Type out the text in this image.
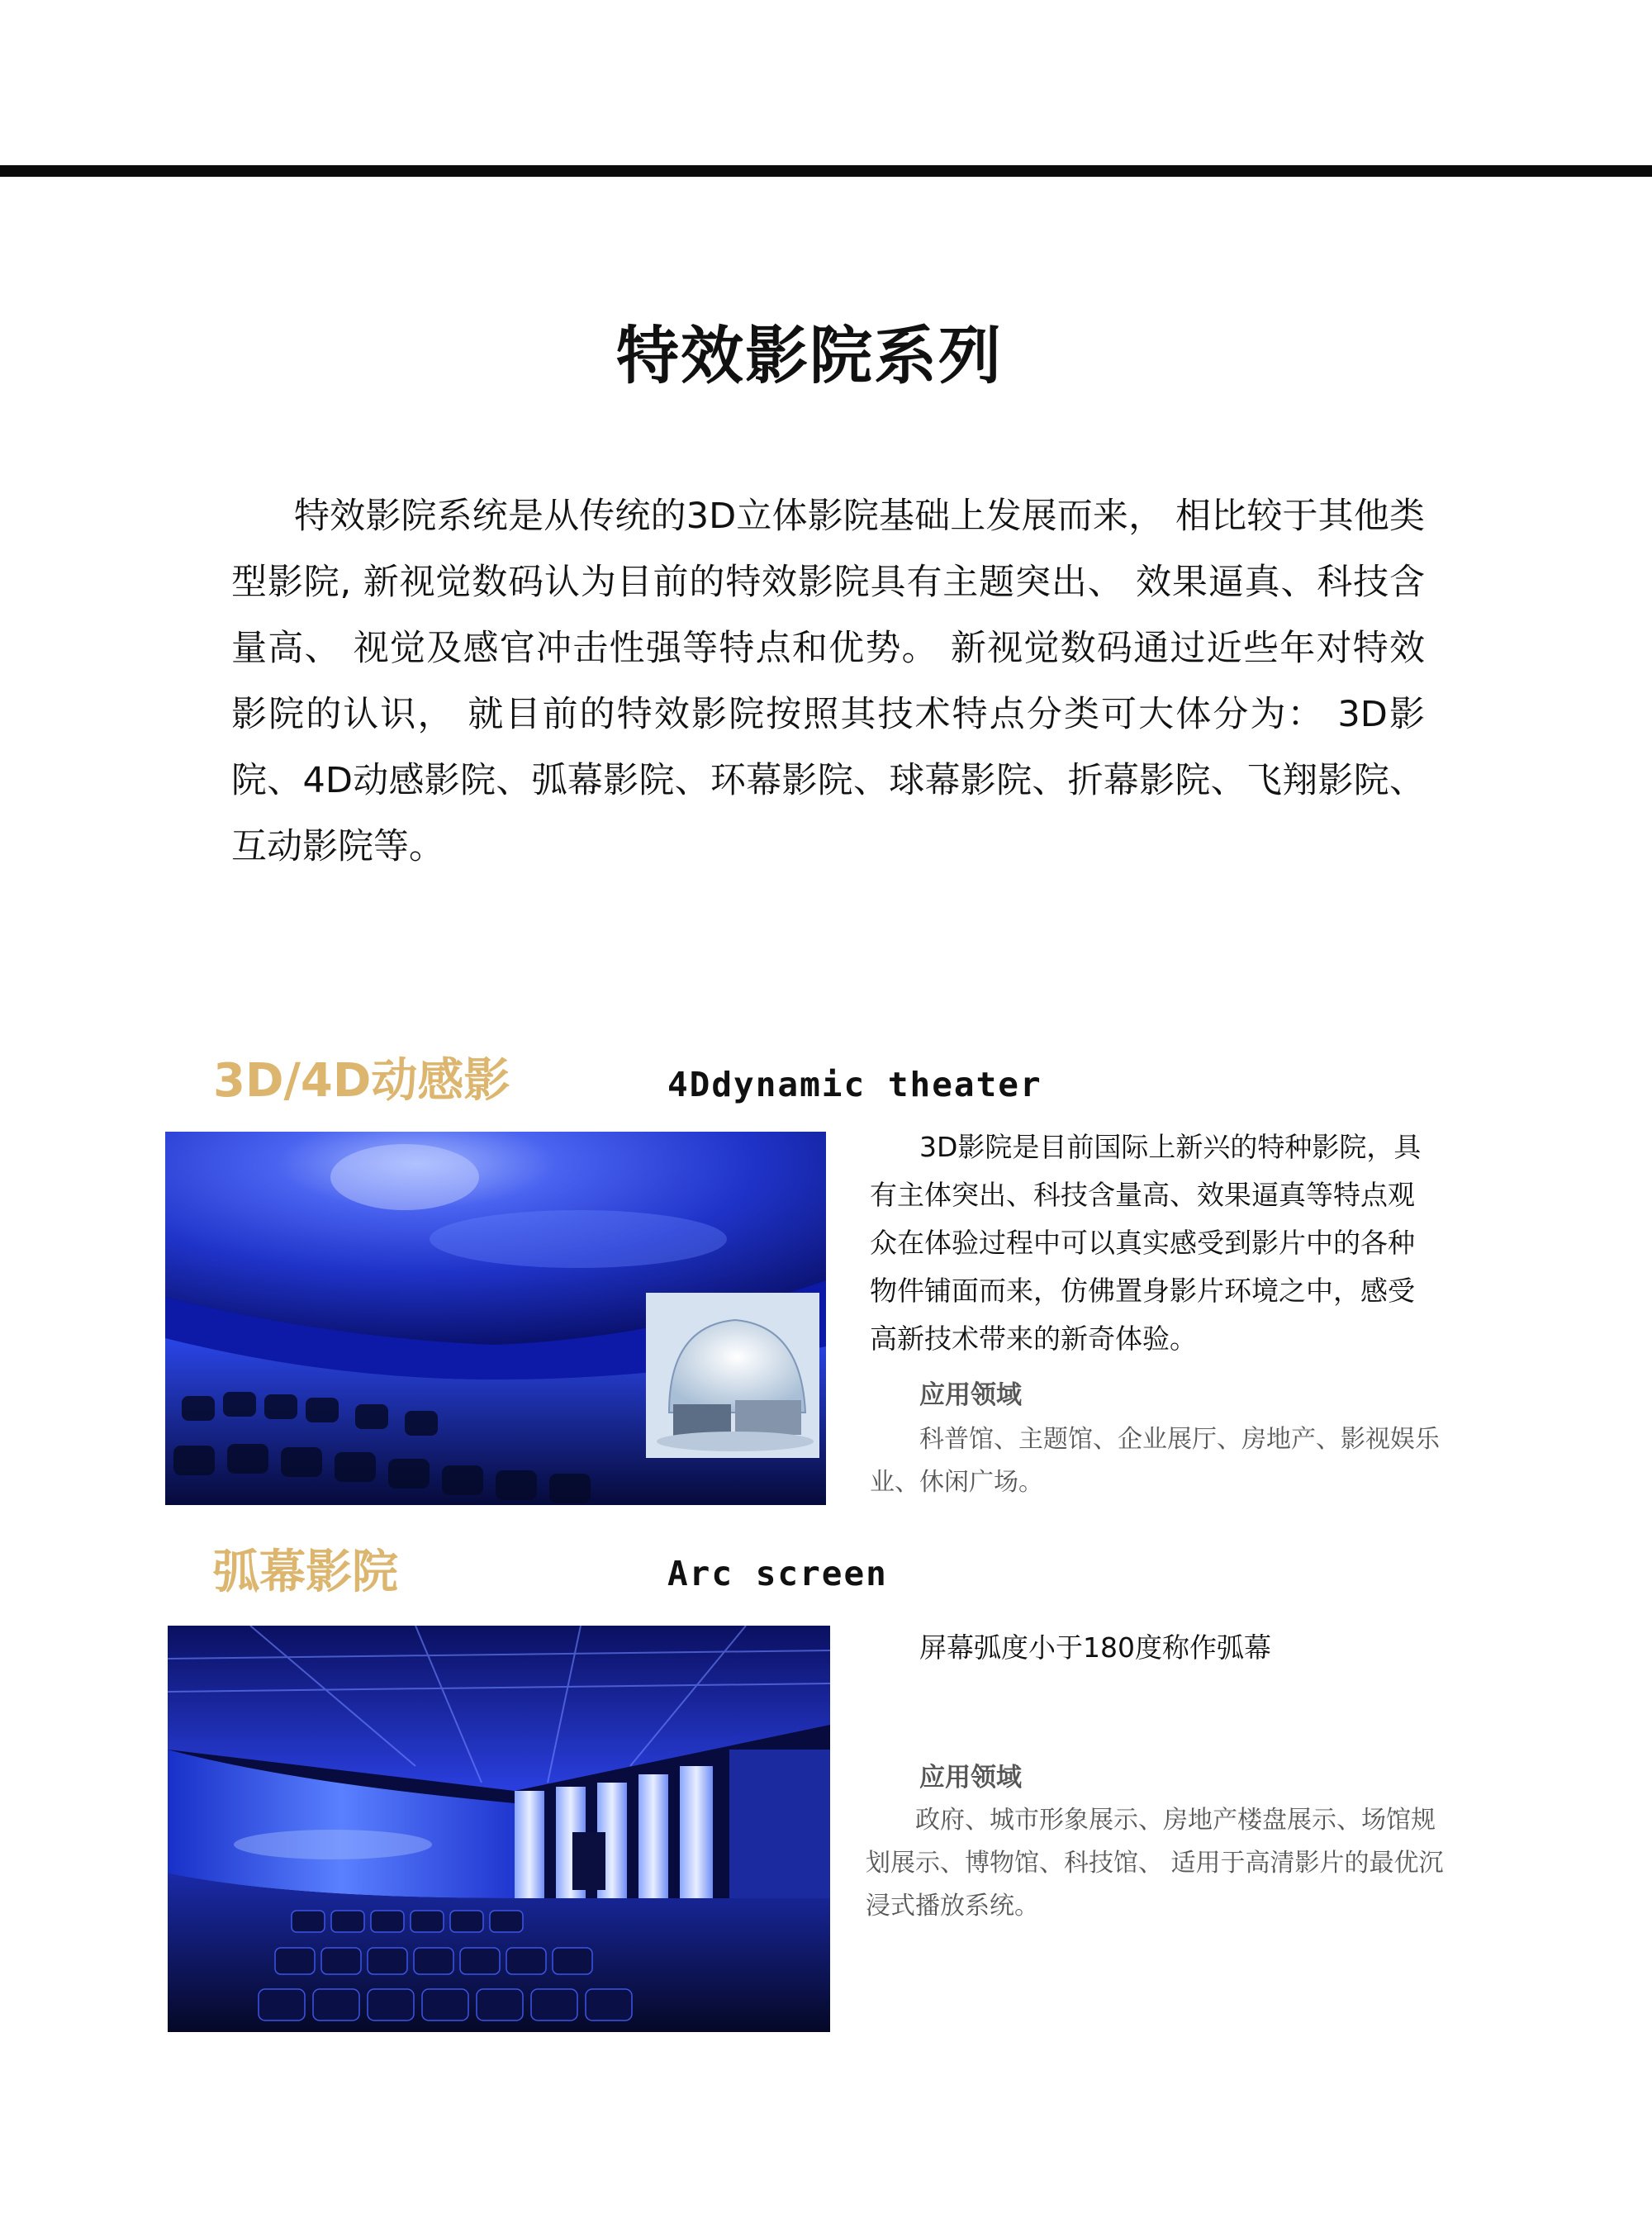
特效影院系列

特效影院系统是从传统的3D立体影院基础上发展而来， 相比较于其他类型影院, 新视觉数码认为目前的特效影院具有主题突出、 效果逼真、科技含量高、 视觉及感官冲击性强等特点和优势。 新视觉数码通过近些年对特效影院的认识， 就目前的特效影院按照其技术特点分类可大体分为： 3D影院、4D动感影院、弧幕影院、环幕影院、球幕影院、折幕影院、飞翔影院、互动影院等。

3D/4D动感影	4Ddynamic theater

3D影院是目前国际上新兴的特种影院，具有主体突出、科技含量高、效果逼真等特点观众在体验过程中可以真实感受到影片中的各种物件铺面而来，仿佛置身影片环境之中，感受高新技术带来的新奇体验。

应用领域

科普馆、主题馆、企业展厅、房地产、影视娱乐业、休闲广场。

弧幕影院	Arc screen

屏幕弧度小于180度称作弧幕

应用领域

政府、城市形象展示、房地产楼盘展示、场馆规划展示、博物馆、科技馆、 适用于高清影片的最优沉浸式播放系统。
